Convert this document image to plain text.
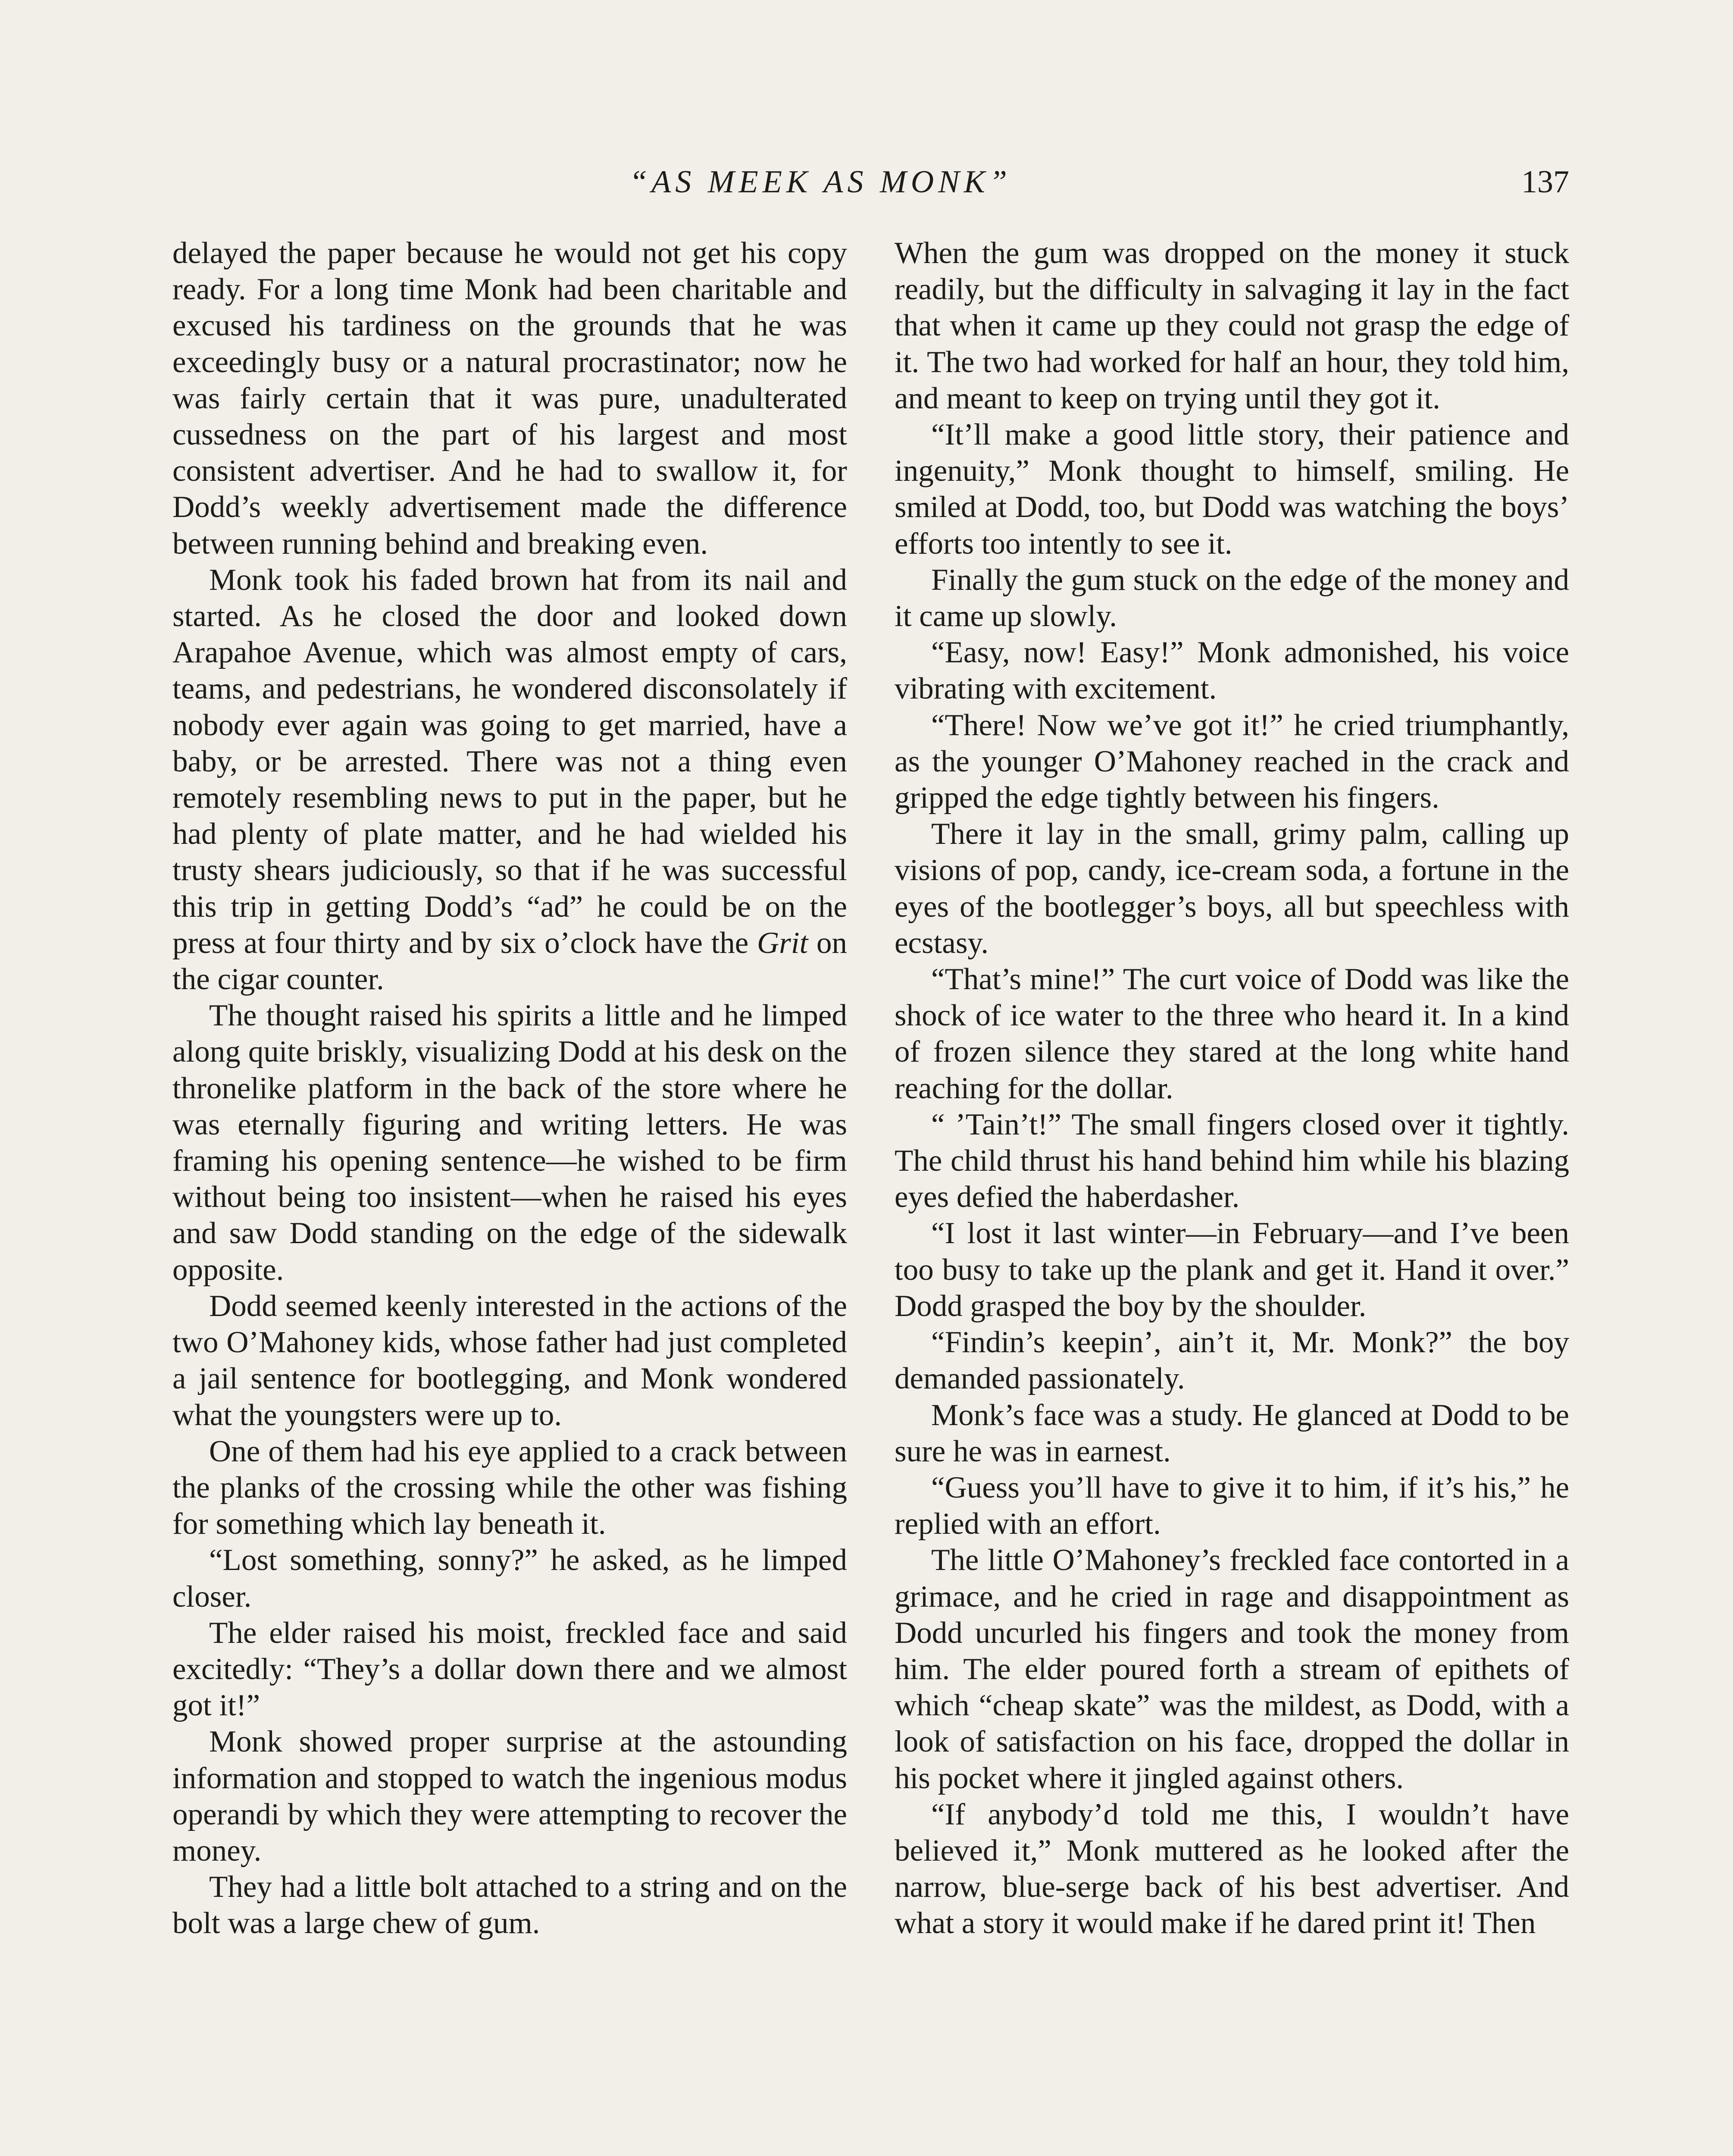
“AS MEEK AS MONK”	137

delayed the paper because he would not get his copy ready. For a long time Monk had been charitable and excused his tardiness on the grounds that he was exceedingly busy or a natural procrastinator; now he was fairly certain that it was pure, unadulterated cussedness on the part of his largest and most consistent advertiser. And he had to swallow it, for Dodd’s weekly advertisement made the difference between running behind and breaking even.

Monk took his faded brown hat from its nail and started. As he closed the door and looked down Arapahoe Avenue, which was almost empty of cars, teams, and pedestrians, he wondered disconsolately if nobody ever again was going to get married, have a baby, or be arrested. There was not a thing even remotely resembling news to put in the paper, but he had plenty of plate matter, and he had wielded his trusty shears judiciously, so that if he was successful this trip in getting Dodd’s “ad” he could be on the press at four thirty and by six o’clock have the Grit on the cigar counter.

The thought raised his spirits a little and he limped along quite briskly, visualizing Dodd at his desk on the thronelike platform in the back of the store where he was eternally figuring and writing letters. He was framing his opening sentence—he wished to be firm without being too insistent—when he raised his eyes and saw Dodd standing on the edge of the sidewalk opposite.

Dodd seemed keenly interested in the actions of the two O’Mahoney kids, whose father had just completed a jail sentence for bootlegging, and Monk wondered what the youngsters were up to.

One of them had his eye applied to a crack between the planks of the crossing while the other was fishing for something which lay beneath it.

“Lost something, sonny?” he asked, as he limped closer.

The elder raised his moist, freckled face and said excitedly: “They’s a dollar down there and we almost got it!”

Monk showed proper surprise at the astounding information and stopped to watch the ingenious modus operandi by which they were attempting to recover the money.

They had a little bolt attached to a string and on the bolt was a large chew of gum.

When the gum was dropped on the money it stuck readily, but the difficulty in salvaging it lay in the fact that when it came up they could not grasp the edge of it. The two had worked for half an hour, they told him, and meant to keep on trying until they got it.

“It’ll make a good little story, their patience and ingenuity,” Monk thought to himself, smiling. He smiled at Dodd, too, but Dodd was watching the boys’ efforts too intently to see it.

Finally the gum stuck on the edge of the money and it came up slowly.

“Easy, now! Easy!” Monk admonished, his voice vibrating with excitement.

“There! Now we’ve got it!” he cried triumphantly, as the younger O’Mahoney reached in the crack and gripped the edge tightly between his fingers.

There it lay in the small, grimy palm, calling up visions of pop, candy, ice-cream soda, a fortune in the eyes of the bootlegger’s boys, all but speechless with ecstasy.

“That’s mine!” The curt voice of Dodd was like the shock of ice water to the three who heard it. In a kind of frozen silence they stared at the long white hand reaching for the dollar.

“ ’Tain’t!” The small fingers closed over it tightly. The child thrust his hand behind him while his blazing eyes defied the haberdasher.

“I lost it last winter—in February—and I’ve been too busy to take up the plank and get it. Hand it over.” Dodd grasped the boy by the shoulder.

“Findin’s keepin’, ain’t it, Mr. Monk?” the boy demanded passionately.

Monk’s face was a study. He glanced at Dodd to be sure he was in earnest.

“Guess you’ll have to give it to him, if it’s his,” he replied with an effort.

The little O’Mahoney’s freckled face contorted in a grimace, and he cried in rage and disappointment as Dodd uncurled his fingers and took the money from him. The elder poured forth a stream of epithets of which “cheap skate” was the mildest, as Dodd, with a look of satisfaction on his face, dropped the dollar in his pocket where it jingled against others.

“If anybody’d told me this, I wouldn’t have believed it,” Monk muttered as he looked after the narrow, blue-serge back of his best advertiser. And what a story it would make if he dared print it! Then
